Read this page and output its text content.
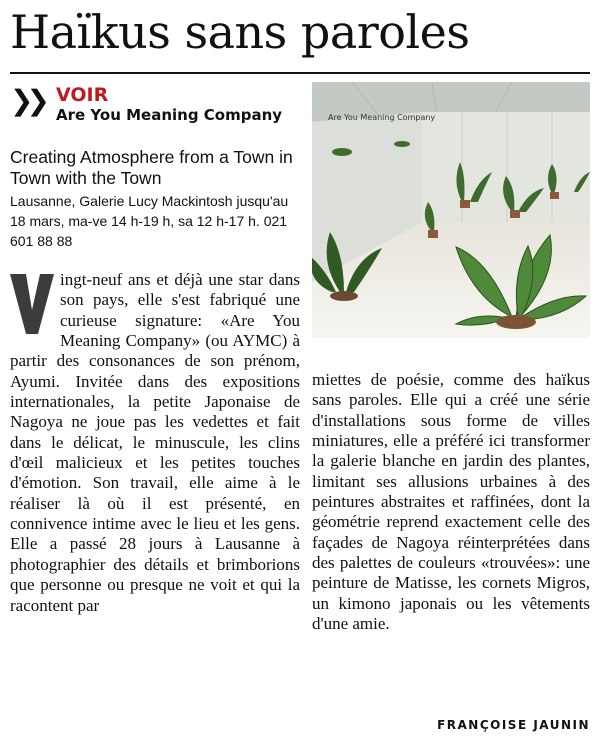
Haïkus sans paroles
❯❯ VOIR
Are You Meaning Company
Creating Atmosphere from a Town in Town with the Town
Lausanne, Galerie Lucy Mackintosh jusqu'au 18 mars, ma-ve 14 h-19 h, sa 12 h-17 h. 021 601 88 88
Are You Meaning Company

ingt-neuf ans et déjà une star dans son pays, elle s'est fabriqué une curieuse signature: «Are You Meaning Company» (ou AYMC) à partir des consonances de son prénom, Ayumi. Invitée dans des expositions internationales, la petite Japonaise de Nagoya ne joue pas les vedettes et fait dans le délicat, le minuscule, les clins d'œil malicieux et les petites touches d'émotion. Son travail, elle aime à le réaliser là où il est présenté, en connivence intime avec le lieu et les gens. Elle a passé 28 jours à Lausanne à photographier des détails et brimborions que personne ou presque ne voit et qui la racontent par

miettes de poésie, comme des haïkus sans paroles. Elle qui a créé une série d'installations sous forme de villes miniatures, elle a préféré ici transformer la galerie blanche en jardin des plantes, limitant ses allusions urbaines à des peintures abstraites et raffinées, dont la géométrie reprend exactement celle des façades de Nagoya réinterprétées dans des palettes de couleurs «trouvées»: une peinture de Matisse, les cornets Migros, un kimono japonais ou les vêtements d'une amie.

FRANÇOISE JAUNIN
